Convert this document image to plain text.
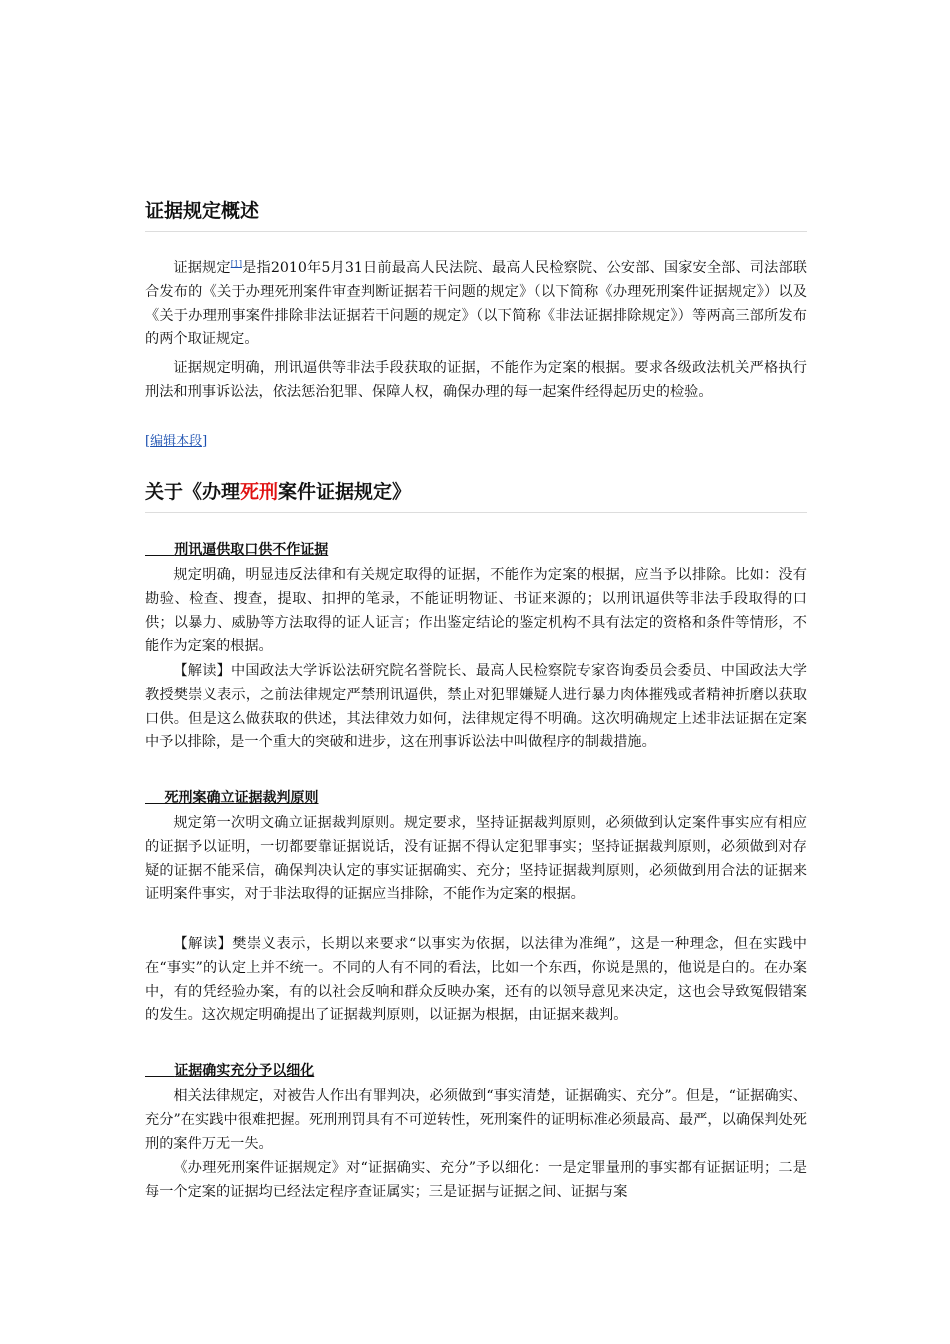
证据规定概述

证据规定[1]是指2010年5月31日前最高人民法院、最高人民检察院、公安部、国家安全部、司法部联合发布的《关于办理死刑案件审查判断证据若干问题的规定》（以下简称《办理死刑案件证据规定》）以及《关于办理刑事案件排除非法证据若干问题的规定》（以下简称《非法证据排除规定》）等两高三部所发布的两个取证规定。

证据规定明确，刑讯逼供等非法手段获取的证据，不能作为定案的根据。要求各级政法机关严格执行刑法和刑事诉讼法，依法惩治犯罪、保障人权，确保办理的每一起案件经得起历史的检验。

[编辑本段]
关于《办理死刑案件证据规定》
刑讯逼供取口供不作证据

规定明确，明显违反法律和有关规定取得的证据，不能作为定案的根据，应当予以排除。比如：没有勘验、检查、搜查，提取、扣押的笔录，不能证明物证、书证来源的；以刑讯逼供等非法手段取得的口供；以暴力、威胁等方法取得的证人证言；作出鉴定结论的鉴定机构不具有法定的资格和条件等情形，不能作为定案的根据。

【解读】中国政法大学诉讼法研究院名誉院长、最高人民检察院专家咨询委员会委员、中国政法大学教授樊崇义表示，之前法律规定严禁刑讯逼供，禁止对犯罪嫌疑人进行暴力肉体摧残或者精神折磨以获取口供。但是这么做获取的供述，其法律效力如何，法律规定得不明确。这次明确规定上述非法证据在定案中予以排除，是一个重大的突破和进步，这在刑事诉讼法中叫做程序的制裁措施。

死刑案确立证据裁判原则

规定第一次明文确立证据裁判原则。规定要求，坚持证据裁判原则，必须做到认定案件事实应有相应的证据予以证明，一切都要靠证据说话，没有证据不得认定犯罪事实；坚持证据裁判原则，必须做到对存疑的证据不能采信，确保判决认定的事实证据确实、充分；坚持证据裁判原则，必须做到用合法的证据来证明案件事实，对于非法取得的证据应当排除，不能作为定案的根据。

【解读】樊崇义表示，长期以来要求“以事实为依据，以法律为准绳”，这是一种理念，但在实践中在“事实”的认定上并不统一。不同的人有不同的看法，比如一个东西，你说是黑的，他说是白的。在办案中，有的凭经验办案，有的以社会反响和群众反映办案，还有的以领导意见来决定，这也会导致冤假错案的发生。这次规定明确提出了证据裁判原则，以证据为根据，由证据来裁判。

证据确实充分予以细化

相关法律规定，对被告人作出有罪判决，必须做到“事实清楚，证据确实、充分”。但是，“证据确实、充分”在实践中很难把握。死刑刑罚具有不可逆转性，死刑案件的证明标准必须最高、最严，以确保判处死刑的案件万无一失。

《办理死刑案件证据规定》对“证据确实、充分”予以细化：一是定罪量刑的事实都有证据证明；二是每一个定案的证据均已经法定程序查证属实；三是证据与证据之间、证据与案
